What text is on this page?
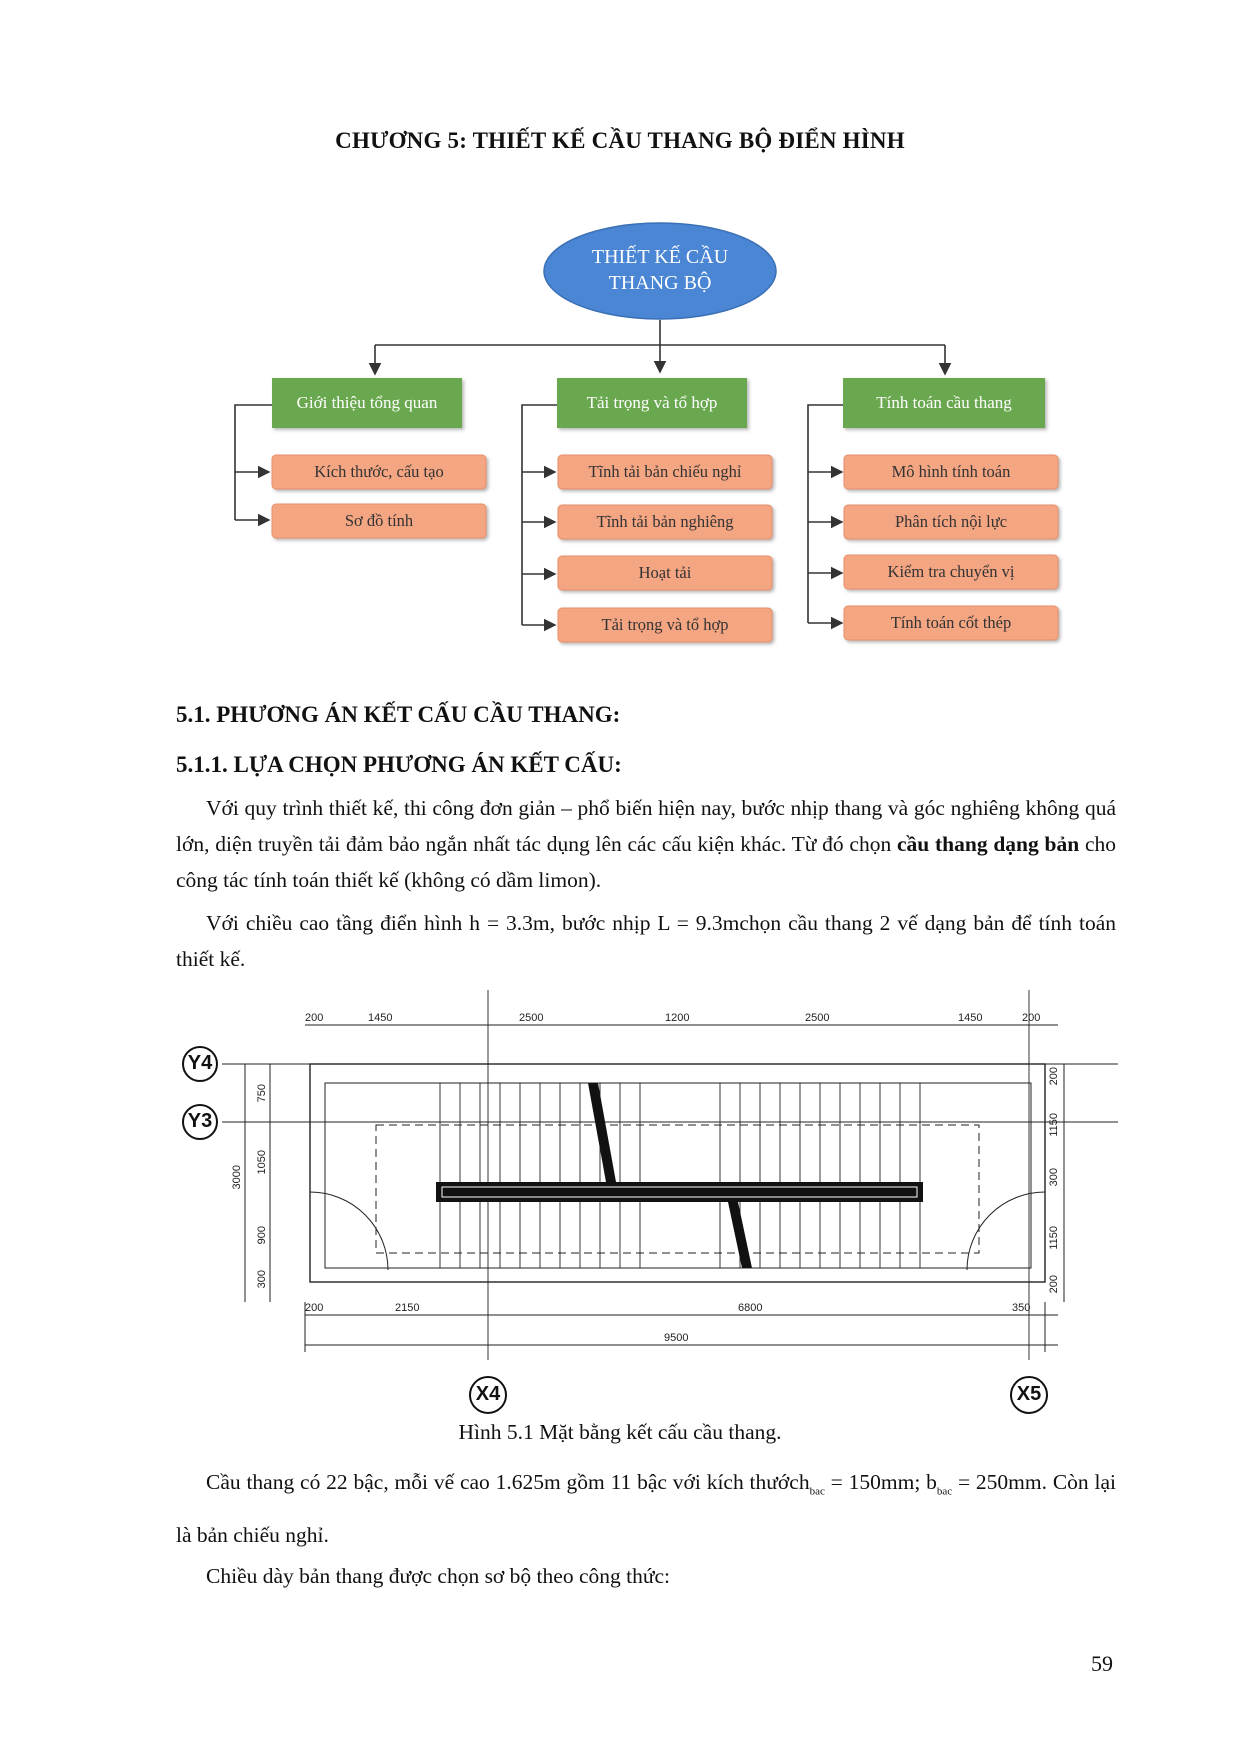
CHƯƠNG 5: THIẾT KẾ CẦU THANG BỘ ĐIỂN HÌNH
THIẾT KẾ CẦU
THANG BỘ
Giới thiệu tổng quan	Tải trọng và tổ hợp	Tính toán cầu thang
Kích thước, cấu tạo
Sơ đồ tính
Tĩnh tải bản chiếu nghỉ
Tĩnh tải bản nghiêng
Hoạt tải
Tải trọng và tổ hợp
Mô hình tính toán
Phân tích nội lực
Kiểm tra chuyển vị
Tính toán cốt thép
5.1. PHƯƠNG ÁN KẾT CẤU CẦU THANG:
5.1.1. LỰA CHỌN PHƯƠNG ÁN KẾT CẤU:
Với quy trình thiết kế, thi công đơn giản – phổ biến hiện nay, bước nhịp thang và góc nghiêng không quá lớn, diện truyền tải đảm bảo ngắn nhất tác dụng lên các cấu kiện khác. Từ đó chọn cầu thang dạng bản cho công tác tính toán thiết kế (không có dầm limon).
Với chiều cao tầng điển hình h = 3.3m, bước nhịp L = 9.3mchọn cầu thang 2 vế dạng bản để tính toán thiết kế.
Y4
Y3
X4	X5
200	1450	2500	1200	2500	1450	200
200	2150	6800	350
9500
750
1050
900
300
3000
200
1150
300
1150
200
Hình 5.1 Mặt bằng kết cấu cầu thang.
Cầu thang có 22 bậc, mỗi vế cao 1.625m gồm 11 bậc với kích thướch$_{bac}$ = 150mm; $b_{bac} = 250mm$. Còn lại là bản chiếu nghỉ.
Chiều dày bản thang được chọn sơ bộ theo công thức:
59
